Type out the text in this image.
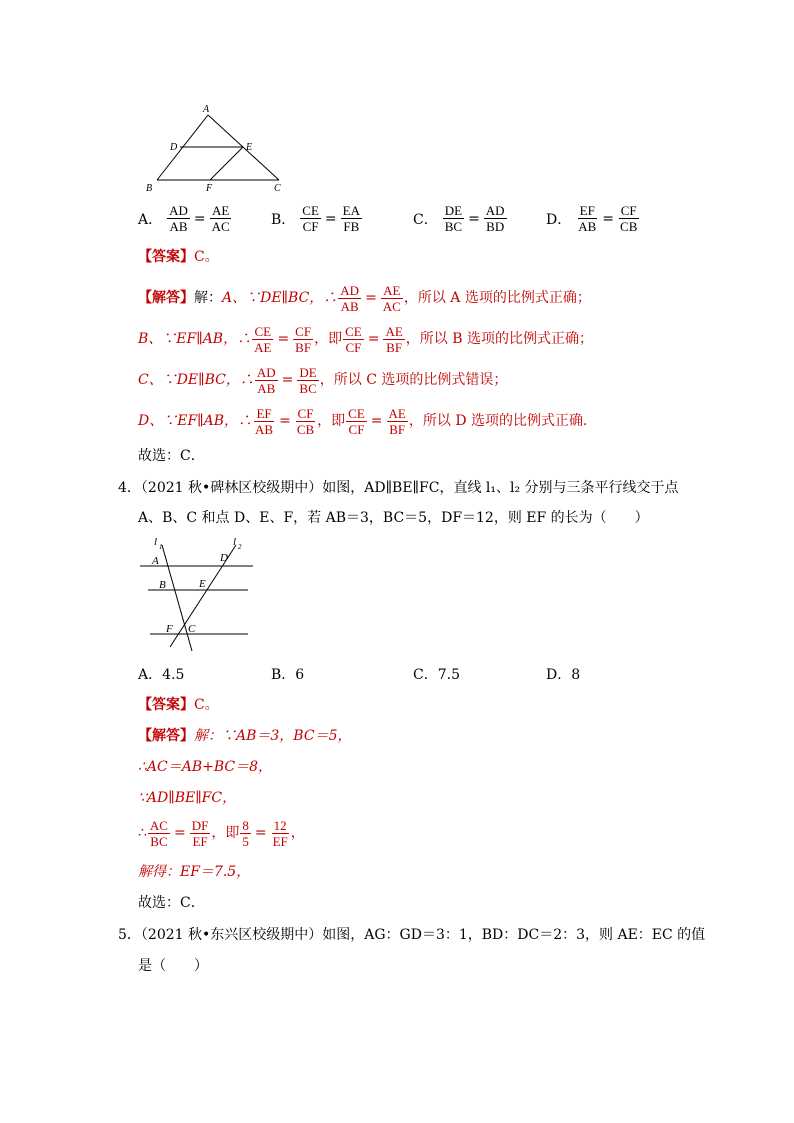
A
D	E
B	F	C
A． $\frac{AD}{AB} = \frac{AE}{AC}$	B． $\frac{CE}{CF} = \frac{EA}{FB}$	C． $\frac{DE}{BC} = \frac{AD}{BD}$	D． $\frac{EF}{AB} = \frac{CF}{CB}$
【答案】C。
【解答】 解： A、∵DE∥BC，∴ $\frac{AD}{AB} = \frac{AE}{AC}$ ，所以 A 选项的比例式正确；
B、∵EF∥AB，∴ $\frac{CE}{AE} = \frac{CF}{BF}$ ，即 $\frac{CE}{CF} = \frac{AE}{BF}$ ，所以 B 选项的比例式正确；
C、∵DE∥BC，∴ $\frac{AD}{AB} = \frac{DE}{BC}$ ，所以 C 选项的比例式错误；
D、∵EF∥AB，∴ $\frac{EF}{AB} = \frac{CF}{CB}$ ，即 $\frac{CE}{CF} = \frac{AE}{BF}$ ，所以 D 选项的比例式正确．
故选：C．
4．（2021 秋•碑林区校级期中）如图，AD∥BE∥FC，直线 l₁、l₂ 分别与三条平行线交于点
A、B、C 和点 D、E、F，若 AB＝3，BC＝5，DF＝12，则 EF 的长为（　　）
l 1	l 2
A	D
B	E
F C
A．4.5	B．6	C．7.5	D．8
【答案】C。
【解答】解：∵AB＝3，BC＝5，
∴AC＝AB+BC＝8，
∵AD∥BE∥FC，
∴ $\frac{AC}{BC} = \frac{DF}{EF}$ ，即 $\frac{8}{5} = \frac{12}{EF}$ ，
解得：EF＝7.5，
故选：C．
5．（2021 秋•东兴区校级期中）如图，AG：GD＝3：1，BD：DC＝2：3，则 AE：EC 的值
是（　　）
